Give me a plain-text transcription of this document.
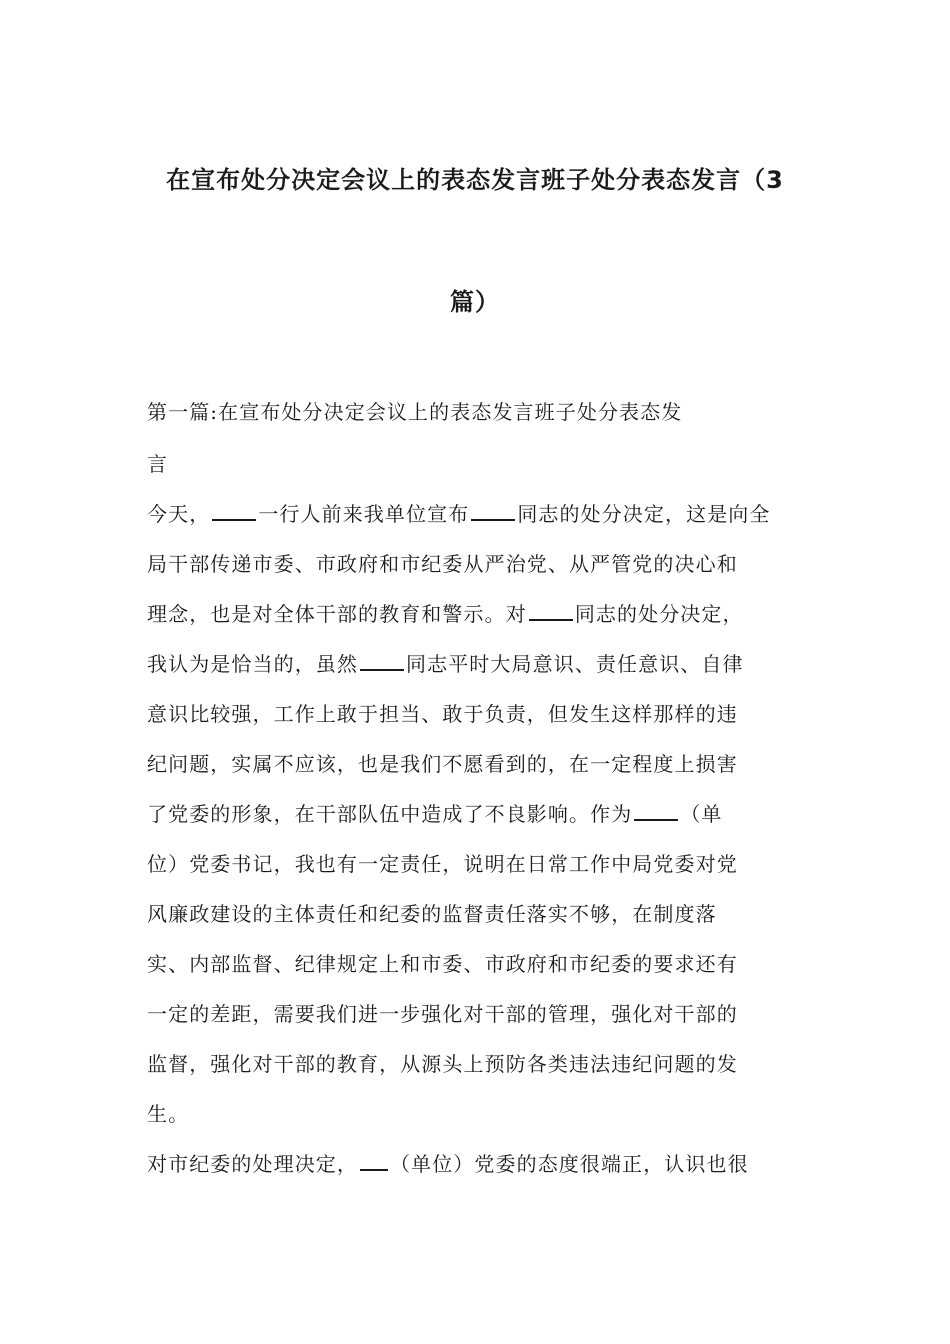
在宣布处分决定会议上的表态发言班子处分表态发言（3
篇）
第一篇:在宣布处分决定会议上的表态发言班子处分表态发
言
今天， 一行人前来我单位宣布 同志的处分决定，这是向全
局干部传递市委、市政府和市纪委从严治党、从严管党的决心和
理念，也是对全体干部的教育和警示。对 同志的处分决定，
我认为是恰当的，虽然 同志平时大局意识、责任意识、自律
意识比较强，工作上敢于担当、敢于负责，但发生这样那样的违
纪问题，实属不应该，也是我们不愿看到的，在一定程度上损害
了党委的形象，在干部队伍中造成了不良影响。作为 （单
位）党委书记，我也有一定责任，说明在日常工作中局党委对党
风廉政建设的主体责任和纪委的监督责任落实不够，在制度落
实、内部监督、纪律规定上和市委、市政府和市纪委的要求还有
一定的差距，需要我们进一步强化对干部的管理，强化对干部的
监督，强化对干部的教育，从源头上预防各类违法违纪问题的发
生。
对市纪委的处理决定， （单位）党委的态度很端正，认识也很
